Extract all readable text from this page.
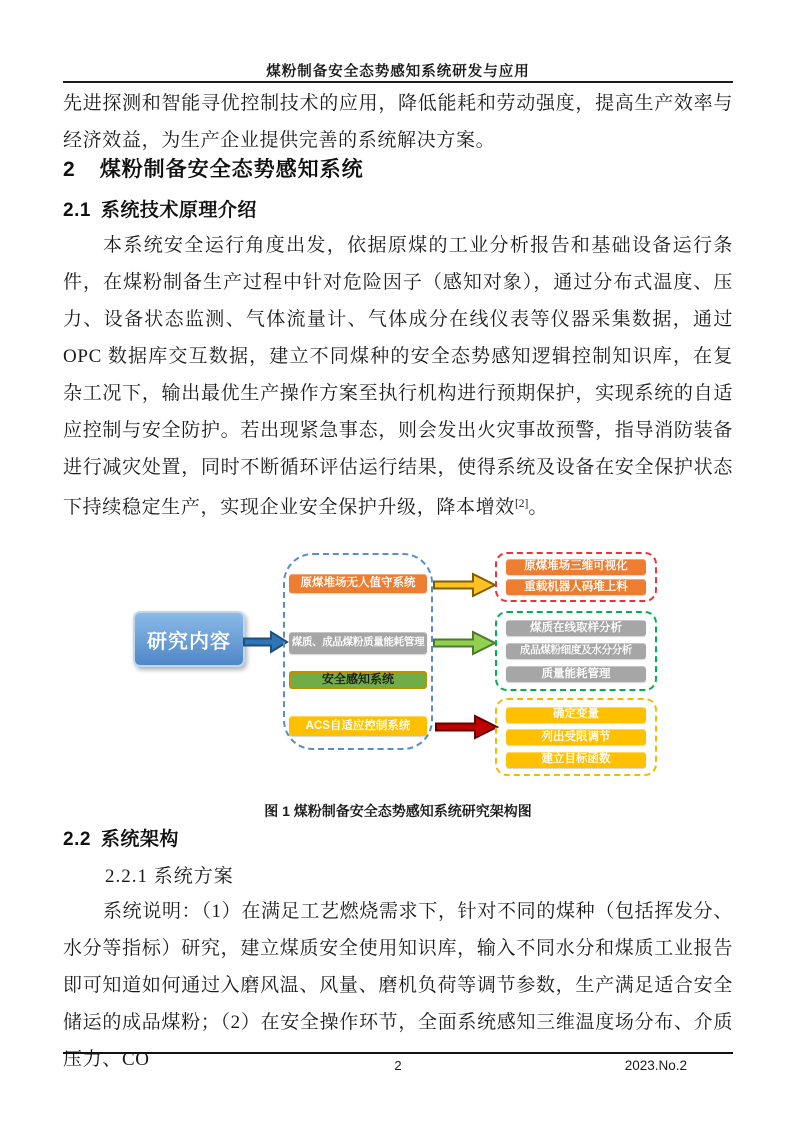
煤粉制备安全态势感知系统研发与应用

先进探测和智能寻优控制技术的应用，降低能耗和劳动强度，提高生产效率与经济效益，为生产企业提供完善的系统解决方案。

2 煤粉制备安全态势感知系统
2.1 系统技术原理介绍

本系统安全运行角度出发，依据原煤的工业分析报告和基础设备运行条件，在煤粉制备生产过程中针对危险因子（感知对象），通过分布式温度、压力、设备状态监测、气体流量计、气体成分在线仪表等仪器采集数据，通过 OPC 数据库交互数据，建立不同煤种的安全态势感知逻辑控制知识库，在复杂工况下，输出最优生产操作方案至执行机构进行预期保护，实现系统的自适应控制与安全防护。若出现紧急事态，则会发出火灾事故预警，指导消防装备进行减灾处置，同时不断循环评估运行结果，使得系统及设备在安全保护状态下持续稳定生产，实现企业安全保护升级，降本增效[2]。

研究内容
原煤堆场无人值守系统
煤质、成品煤粉质量能耗管理
安全感知系统
ACS自适应控制系统
原煤堆场三维可视化
重载机器人码堆上料
煤质在线取样分析
成品煤粉细度及水分分析
质量能耗管理
确定变量
列出受限调节
建立目标函数

图 1 煤粉制备安全态势感知系统研究架构图

2.2 系统架构
2.2.1 系统方案

系统说明：（1）在满足工艺燃烧需求下，针对不同的煤种（包括挥发分、水分等指标）研究，建立煤质安全使用知识库，输入不同水分和煤质工业报告即可知道如何通过入磨风温、风量、磨机负荷等调节参数，生产满足适合安全储运的成品煤粉；（2）在安全操作环节，全面系统感知三维温度场分布、介质压力、CO	2	2023.No.2
